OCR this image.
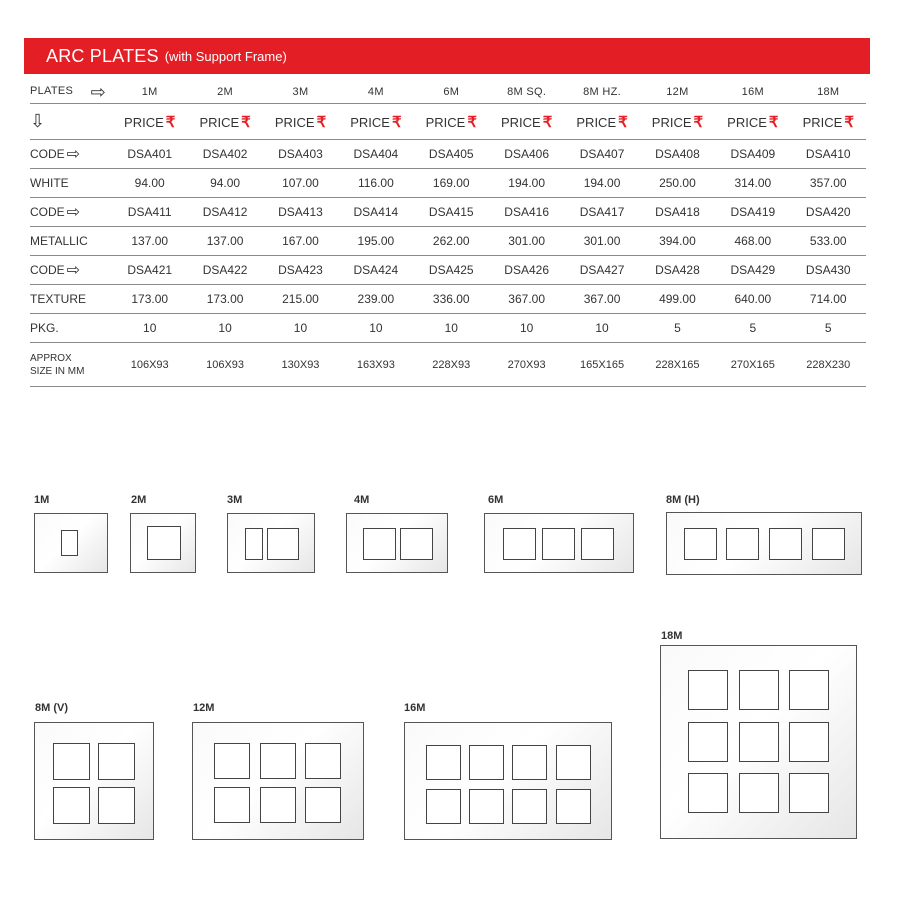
ARC PLATES (with Support Frame)
PLATES ⇨	1M	2M	3M	4M	6M	8M SQ.	8M HZ.	12M	16M	18M
⇩	PRICE ₹	PRICE ₹	PRICE ₹	PRICE ₹	PRICE ₹	PRICE ₹	PRICE ₹	PRICE ₹	PRICE ₹	PRICE ₹
CODE ⇨	DSA401	DSA402	DSA403	DSA404	DSA405	DSA406	DSA407	DSA408	DSA409	DSA410
WHITE	94.00	94.00	107.00	116.00	169.00	194.00	194.00	250.00	314.00	357.00
CODE ⇨	DSA411	DSA412	DSA413	DSA414	DSA415	DSA416	DSA417	DSA418	DSA419	DSA420
METALLIC	137.00	137.00	167.00	195.00	262.00	301.00	301.00	394.00	468.00	533.00
CODE ⇨	DSA421	DSA422	DSA423	DSA424	DSA425	DSA426	DSA427	DSA428	DSA429	DSA430
TEXTURE	173.00	173.00	215.00	239.00	336.00	367.00	367.00	499.00	640.00	714.00
PKG.	10	10	10	10	10	10	10	5	5	5
APPROX
SIZE IN MM	106X93	106X93	130X93	163X93	228X93	270X93	165X165	228X165	270X165	228X230
1M	2M	3M	4M	6M	8M (H)
8M (V)	12M	16M
18M
